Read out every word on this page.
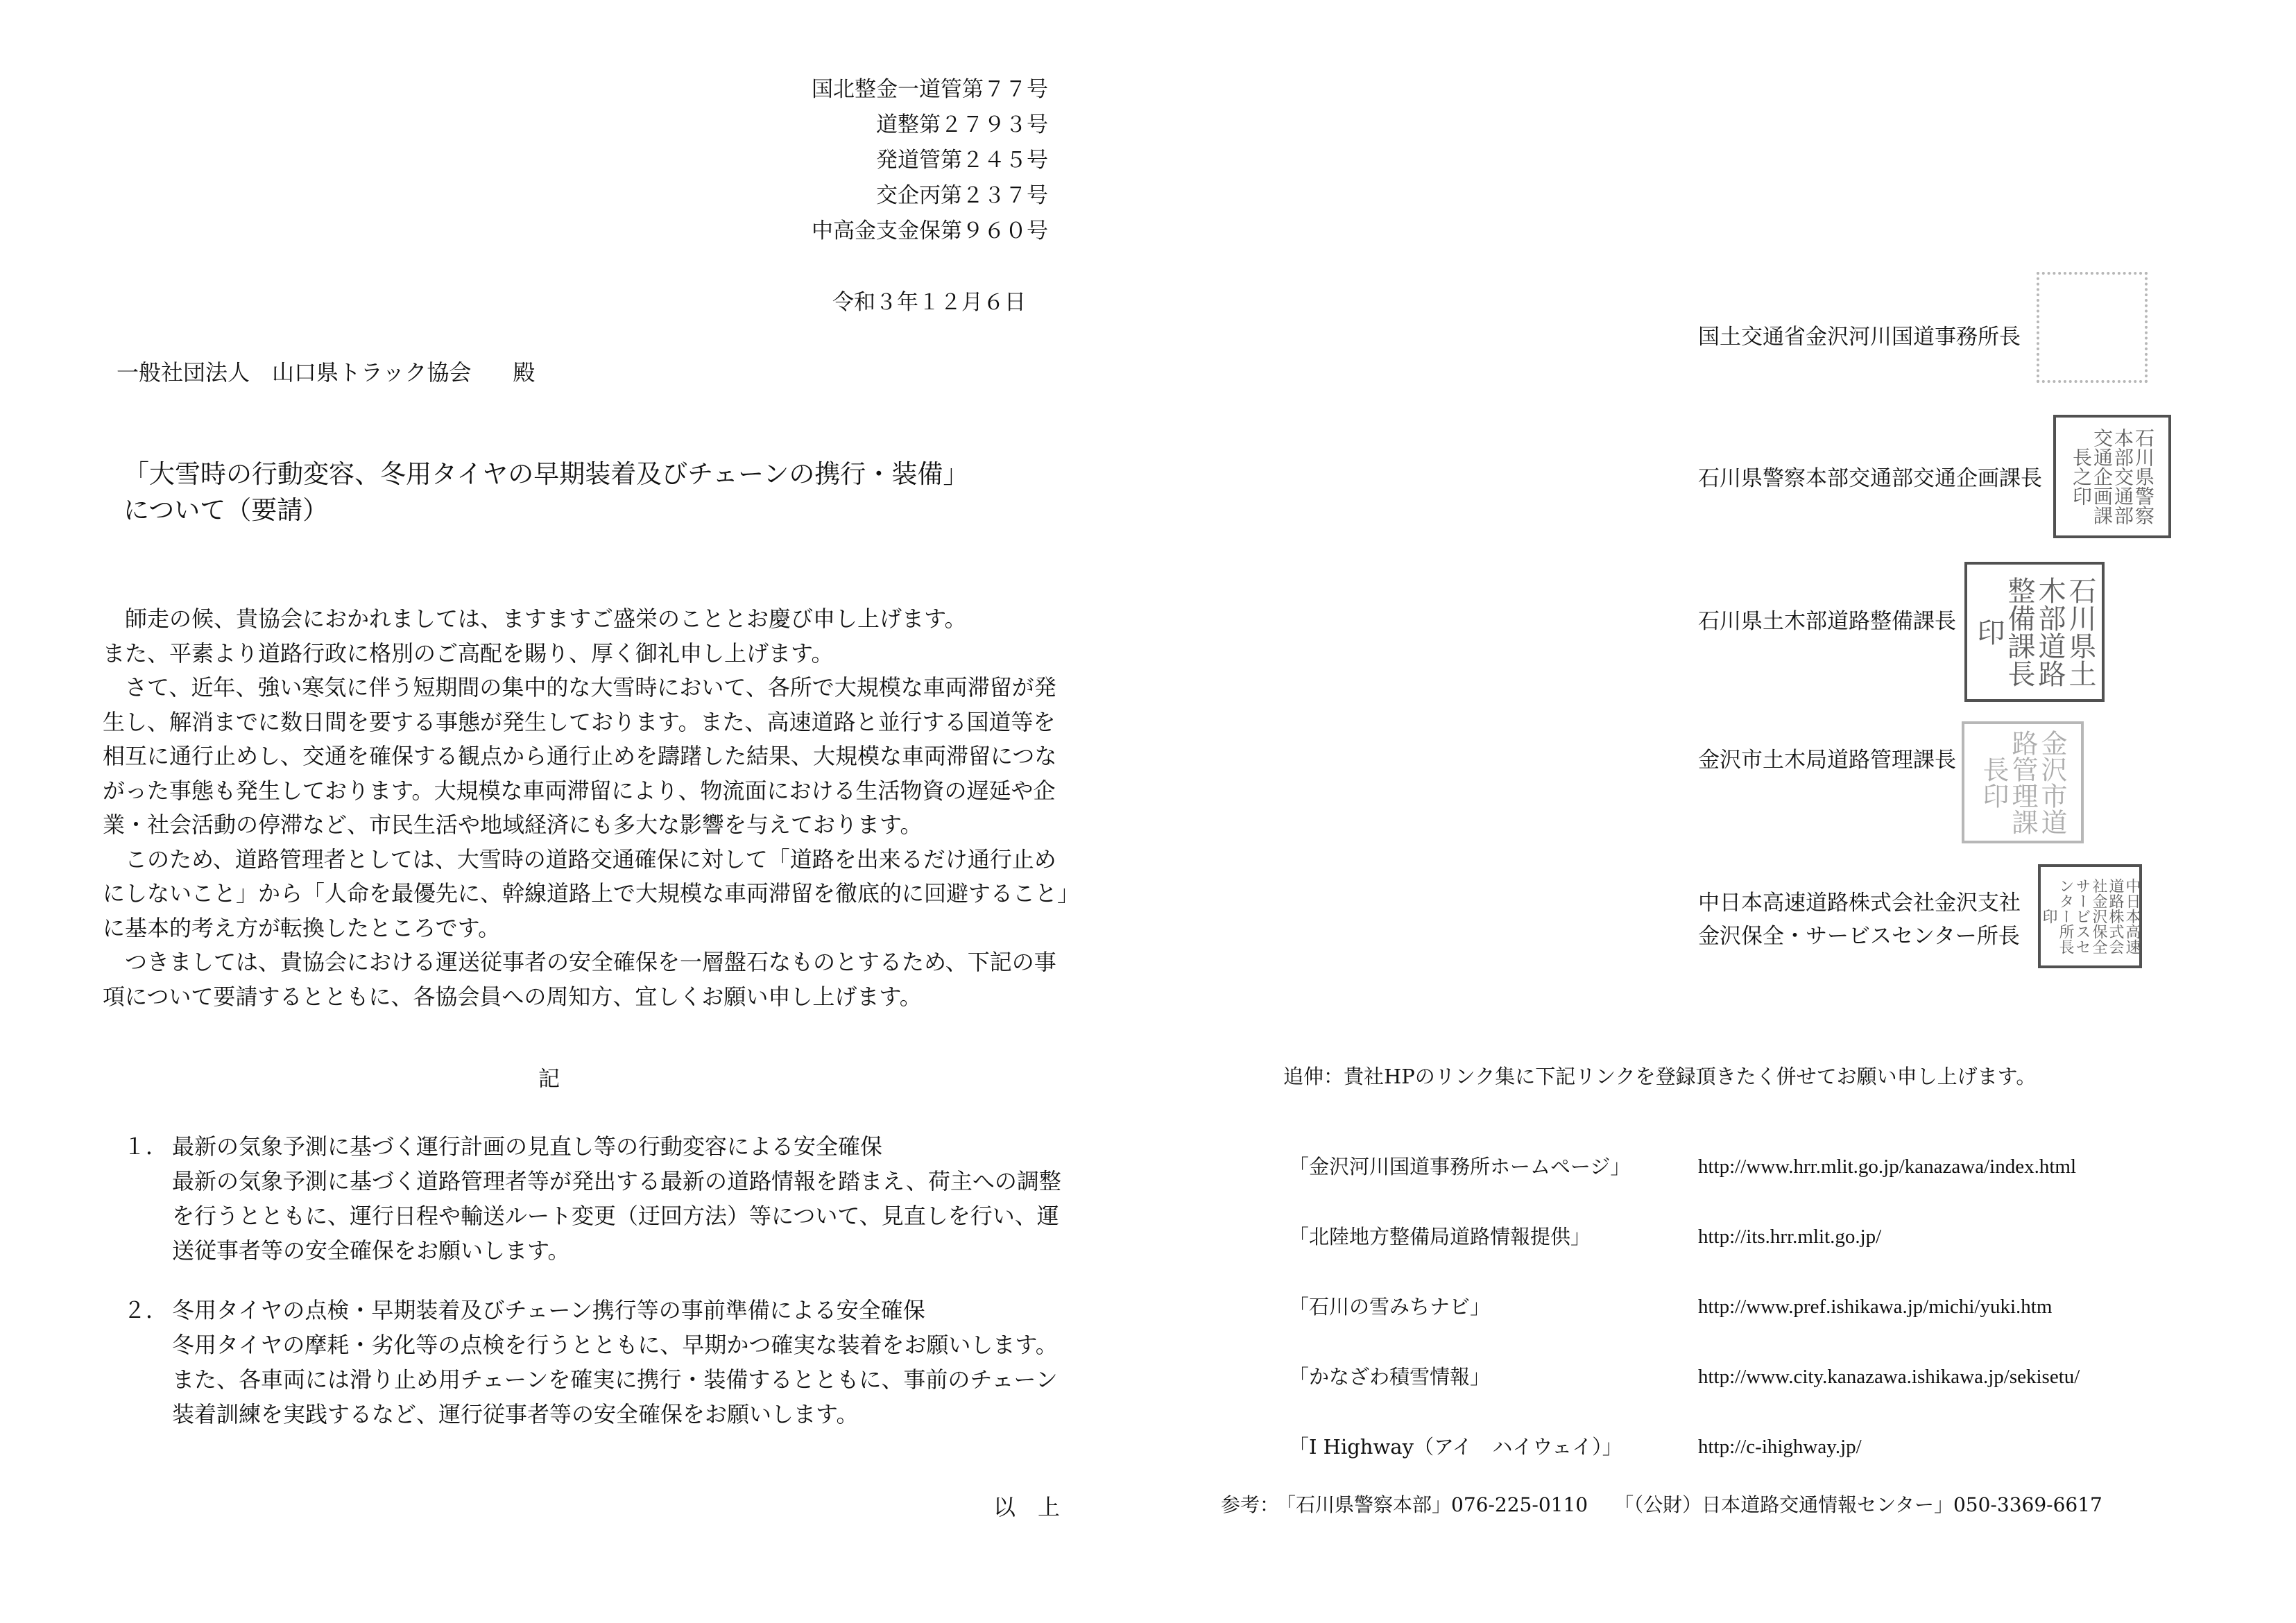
国北整金一道管第７７号
道整第２７９３号
発道管第２４５号
交企丙第２３７号
中高金支金保第９６０号
令和３年１２月６日
一般社団法人　山口県トラック協会 殿
「大雪時の行動変容、冬用タイヤの早期装着及びチェーンの携行・装備」
について（要請）

師走の候、貴協会におかれましては、ますますご盛栄のこととお慶び申し上げます。

また、平素より道路行政に格別のご高配を賜り、厚く御礼申し上げます。

さて、近年、強い寒気に伴う短期間の集中的な大雪時において、各所で大規模な車両滞留が発

生し、解消までに数日間を要する事態が発生しております。また、高速道路と並行する国道等を

相互に通行止めし、交通を確保する観点から通行止めを躊躇した結果、大規模な車両滞留につな

がった事態も発生しております。大規模な車両滞留により、物流面における生活物資の遅延や企

業・社会活動の停滞など、市民生活や地域経済にも多大な影響を与えております。

このため、道路管理者としては、大雪時の道路交通確保に対して「道路を出来るだけ通行止め

にしないこと」から「人命を最優先に、幹線道路上で大規模な車両滞留を徹底的に回避すること」

に基本的考え方が転換したところです。

つきましては、貴協会における運送従事者の安全確保を一層盤石なものとするため、下記の事

項について要請するとともに、各協会員への周知方、宜しくお願い申し上げます。

記
１． 最新の気象予測に基づく運行計画の見直し等の行動変容による安全確保
最新の気象予測に基づく道路管理者等が発出する最新の道路情報を踏まえ、荷主への調整
を行うとともに、運行日程や輸送ルート変更（迂回方法）等について、見直しを行い、運
送従事者等の安全確保をお願いします。
２． 冬用タイヤの点検・早期装着及びチェーン携行等の事前準備による安全確保
冬用タイヤの摩耗・劣化等の点検を行うとともに、早期かつ確実な装着をお願いします。
また、各車両には滑り止め用チェーンを確実に携行・装備するとともに、事前のチェーン
装着訓練を実践するなど、運行従事者等の安全確保をお願いします。
以　上
国土交通省金沢河川国道事務所長
石川県警察本部交通部交通企画課長之印
石川県警察本部交通部交通企画課長
石川県土木部道路整備課長印
石川県土木部道路整備課長
金沢市道路管理課長印
金沢市土木局道路管理課長
中日本高速道路株式会社金沢保全サービスセンター所長印
中日本高速道路株式会社金沢支社
金沢保全・サービスセンター所長
追伸：貴社HPのリンク集に下記リンクを登録頂きたく併せてお願い申し上げます。
「金沢河川国道事務所ホームページ」	http://www.hrr.mlit.go.jp/kanazawa/index.html
「北陸地方整備局道路情報提供」	http://its.hrr.mlit.go.jp/
「石川の雪みちナビ」	http://www.pref.ishikawa.jp/michi/yuki.htm
「かなざわ積雪情報」	http://www.city.kanazawa.ishikawa.jp/sekisetu/
「I Highway（アイ　ハイウェイ）」	http://c-ihighway.jp/
参考： 「石川県警察本部」076-225-0110 「（公財）日本道路交通情報センター」050-3369-6617
